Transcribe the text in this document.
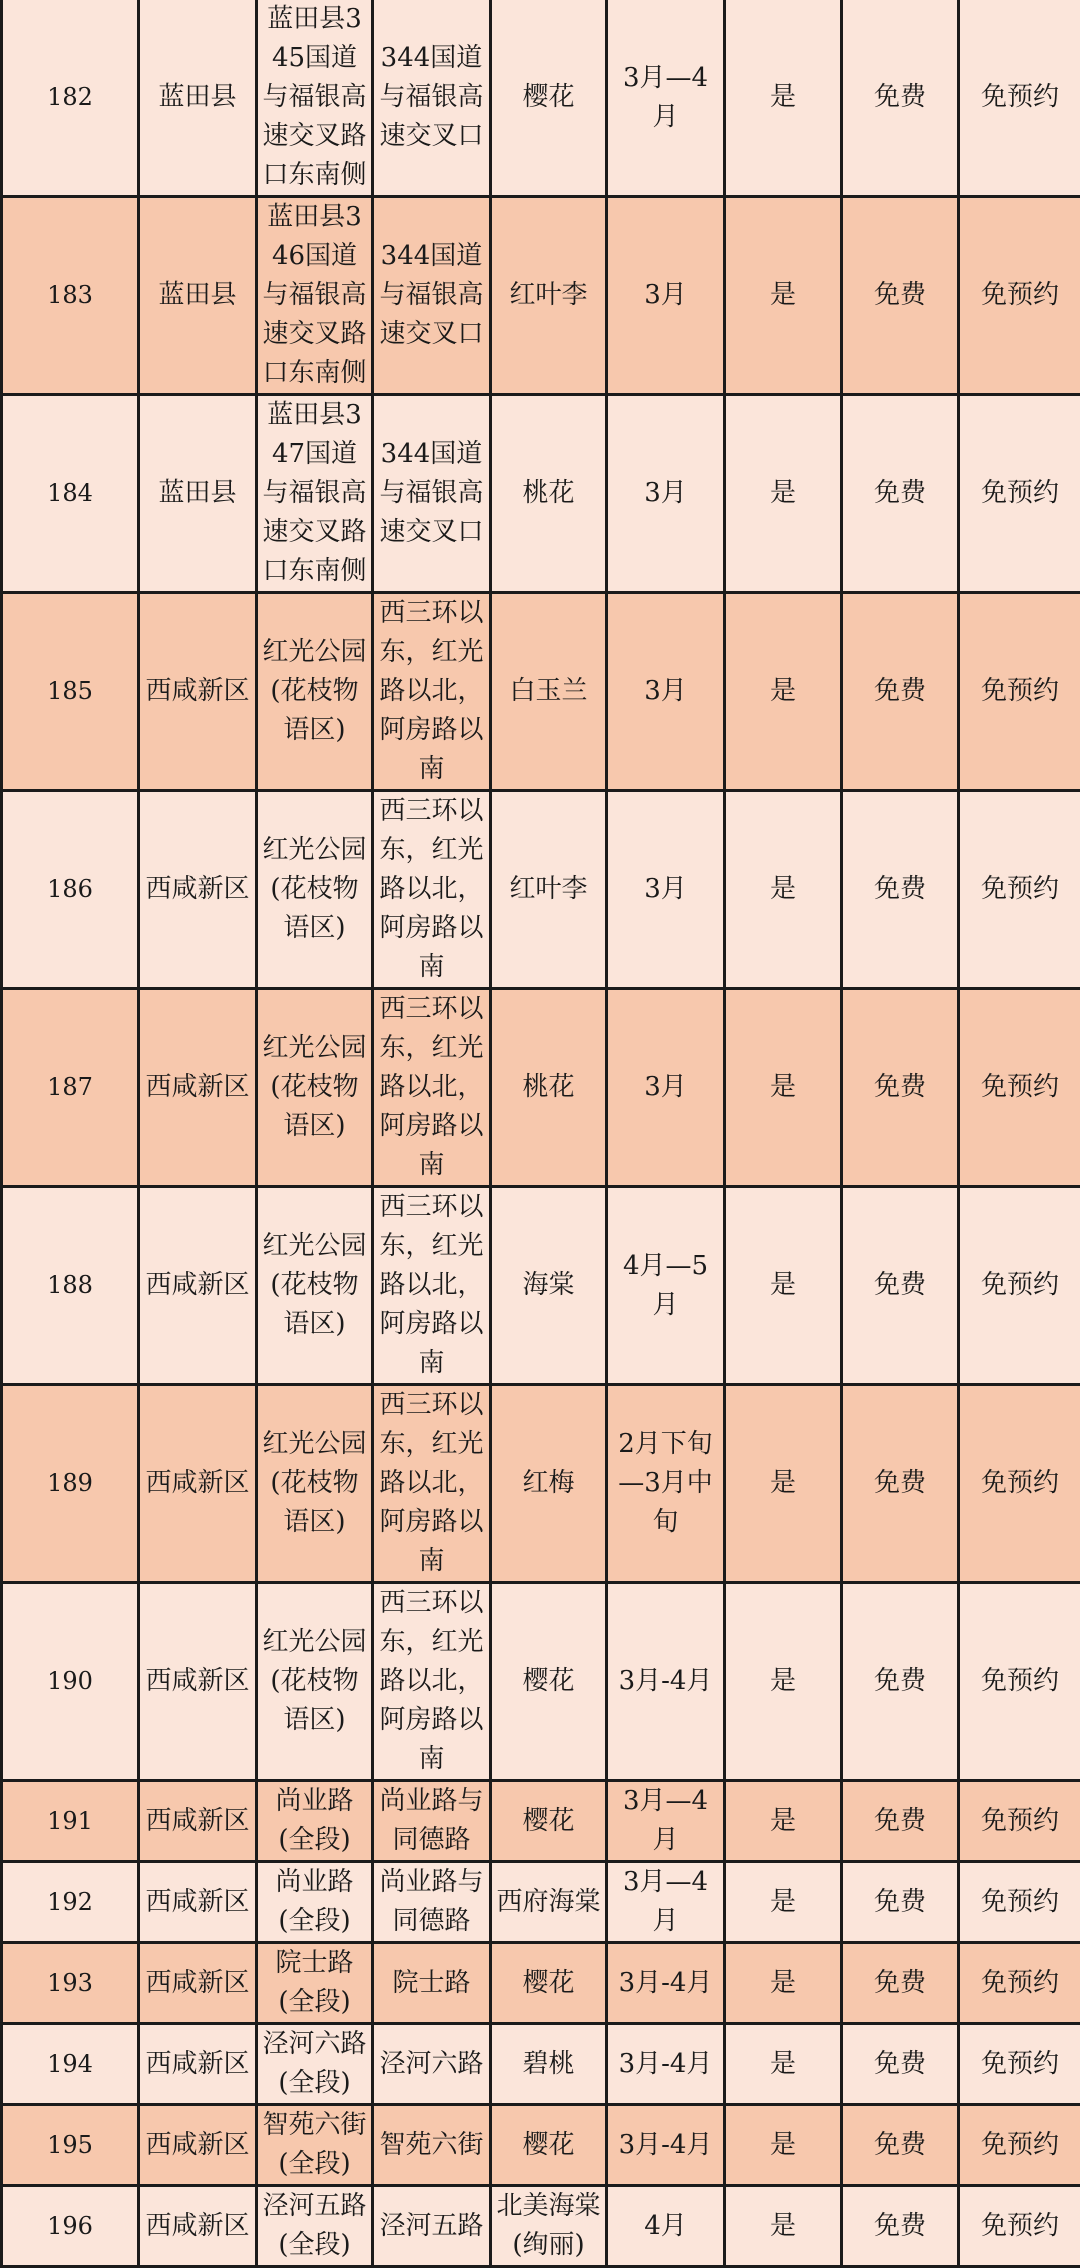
182	蓝田县	蓝田县345国道与福银高速交叉路口东南侧	344国道与福银高速交叉口	樱花	3月—4月	是	免费	免预约
183	蓝田县	蓝田县346国道与福银高速交叉路口东南侧	344国道与福银高速交叉口	红叶李	3月	是	免费	免预约
184	蓝田县	蓝田县347国道与福银高速交叉路口东南侧	344国道与福银高速交叉口	桃花	3月	是	免费	免预约
185	西咸新区	红光公园(花枝物语区)	西三环以东，红光路以北，阿房路以南	白玉兰	3月	是	免费	免预约
186	西咸新区	红光公园(花枝物语区)	西三环以东，红光路以北，阿房路以南	红叶李	3月	是	免费	免预约
187	西咸新区	红光公园(花枝物语区)	西三环以东，红光路以北，阿房路以南	桃花	3月	是	免费	免预约
188	西咸新区	红光公园(花枝物语区)	西三环以东，红光路以北，阿房路以南	海棠	4月—5月	是	免费	免预约
189	西咸新区	红光公园(花枝物语区)	西三环以东，红光路以北，阿房路以南	红梅	2月下旬—3月中旬	是	免费	免预约
190	西咸新区	红光公园(花枝物语区)	西三环以东，红光路以北，阿房路以南	樱花	3月-4月	是	免费	免预约
191	西咸新区	尚业路(全段)	尚业路与同德路	樱花	3月—4月	是	免费	免预约
192	西咸新区	尚业路(全段)	尚业路与同德路	西府海棠	3月—4月	是	免费	免预约
193	西咸新区	院士路(全段)	院士路	樱花	3月-4月	是	免费	免预约
194	西咸新区	泾河六路(全段)	泾河六路	碧桃	3月-4月	是	免费	免预约
195	西咸新区	智苑六街(全段)	智苑六街	樱花	3月-4月	是	免费	免预约
196	西咸新区	泾河五路(全段)	泾河五路	北美海棠(绚丽)	4月	是	免费	免预约
